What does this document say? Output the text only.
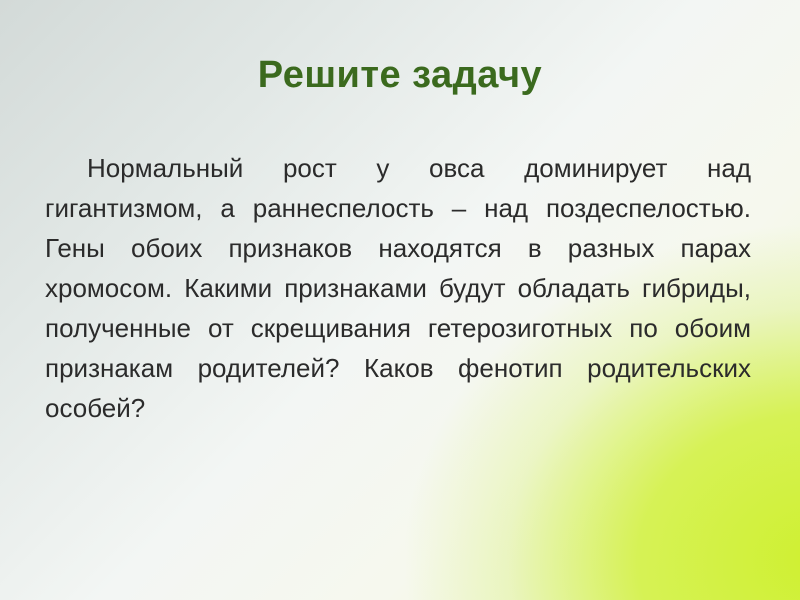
Решите задачу

Нормальный рост у овса доминирует над гигантизмом, а раннеспелость – над поздеспелостью. Гены обоих признаков находятся в разных парах хромосом. Какими признаками будут обладать гибриды, полученные от скрещивания гетерозиготных по обоим признакам родителей? Каков фенотип родительских особей?
